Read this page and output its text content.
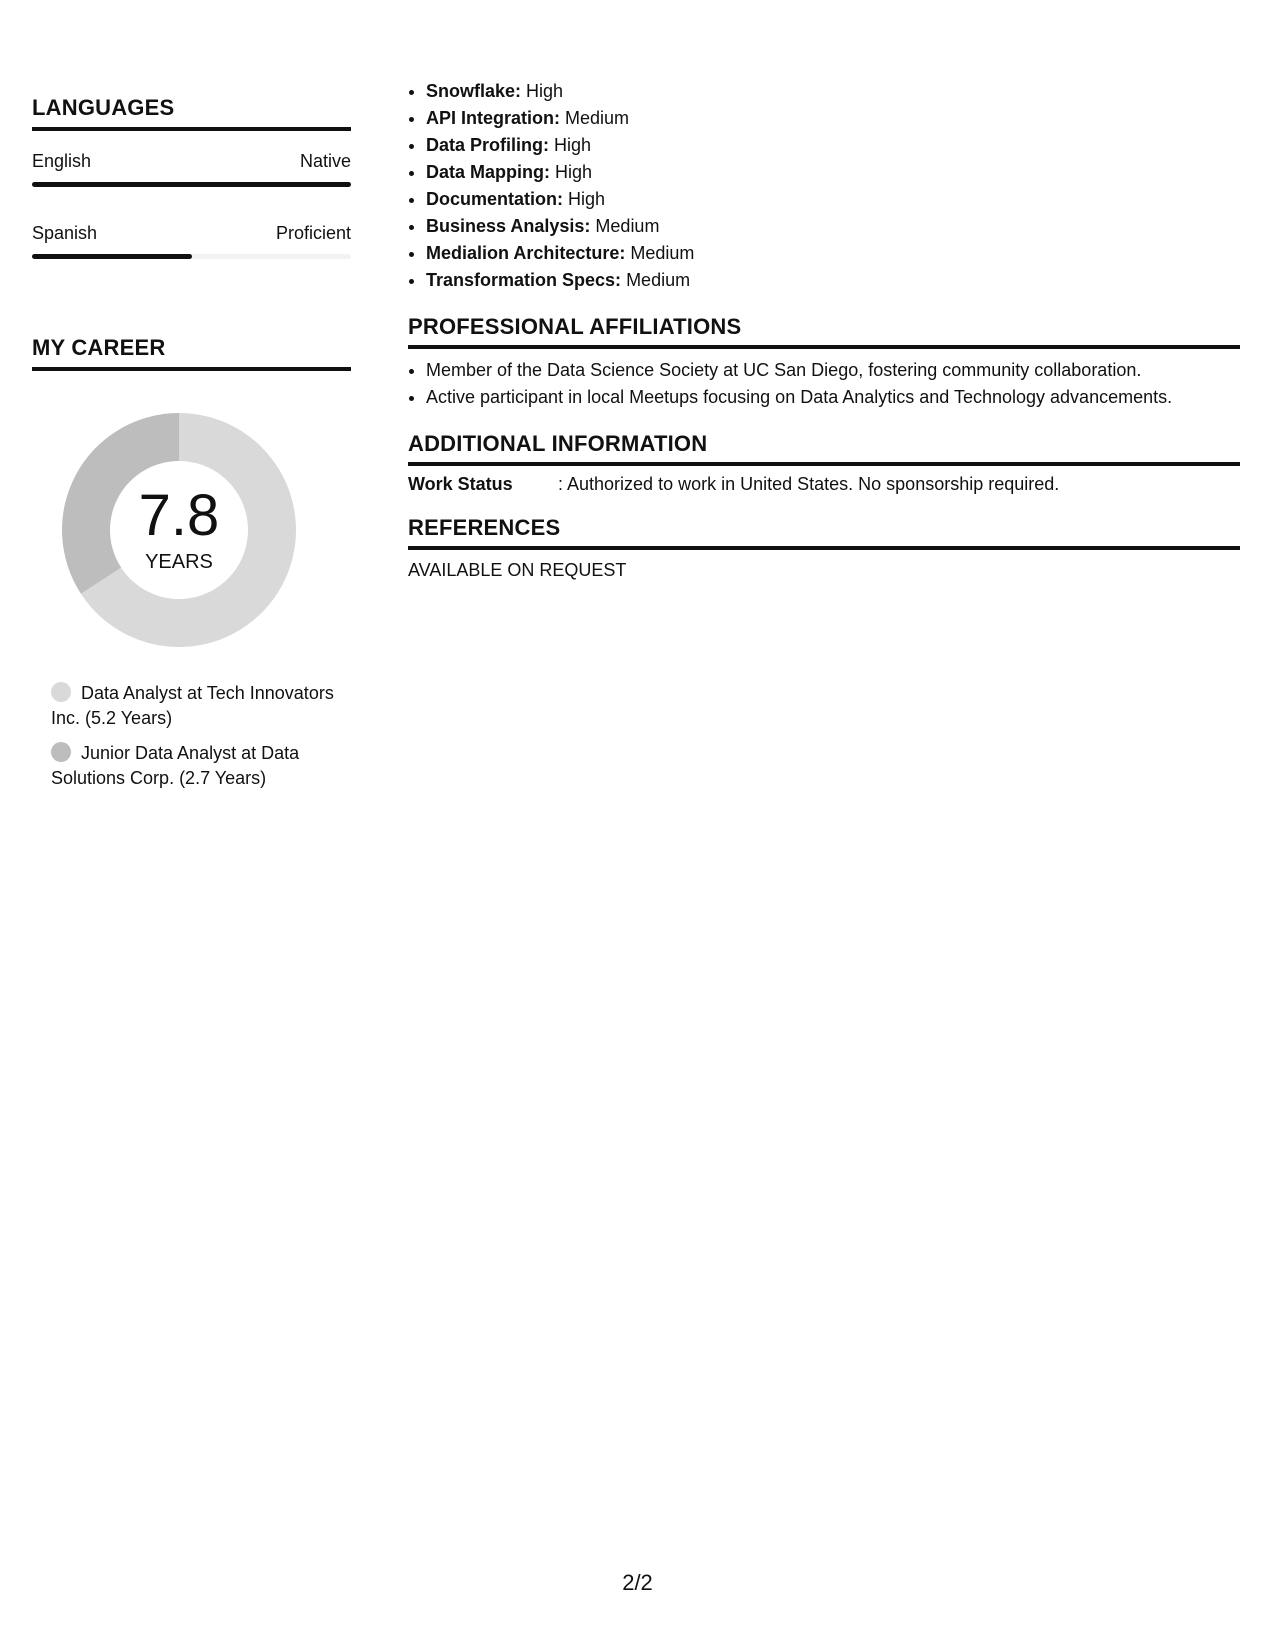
LANGUAGES
English	Native
Spanish	Proficient
MY CAREER
7.8
YEARS
Data Analyst at Tech Innovators Inc. (5.2 Years)
Junior Data Analyst at Data Solutions Corp. (2.7 Years)
• Snowflake: High
• API Integration: Medium
• Data Profiling: High
• Data Mapping: High
• Documentation: High
• Business Analysis: Medium
• Medialion Architecture: Medium
• Transformation Specs: Medium
PROFESSIONAL AFFILIATIONS
• Member of the Data Science Society at UC San Diego, fostering community collaboration.
• Active participant in local Meetups focusing on Data Analytics and Technology advancements.
ADDITIONAL INFORMATION
Work Status	: Authorized to work in United States. No sponsorship required.
REFERENCES
AVAILABLE ON REQUEST
2/2
